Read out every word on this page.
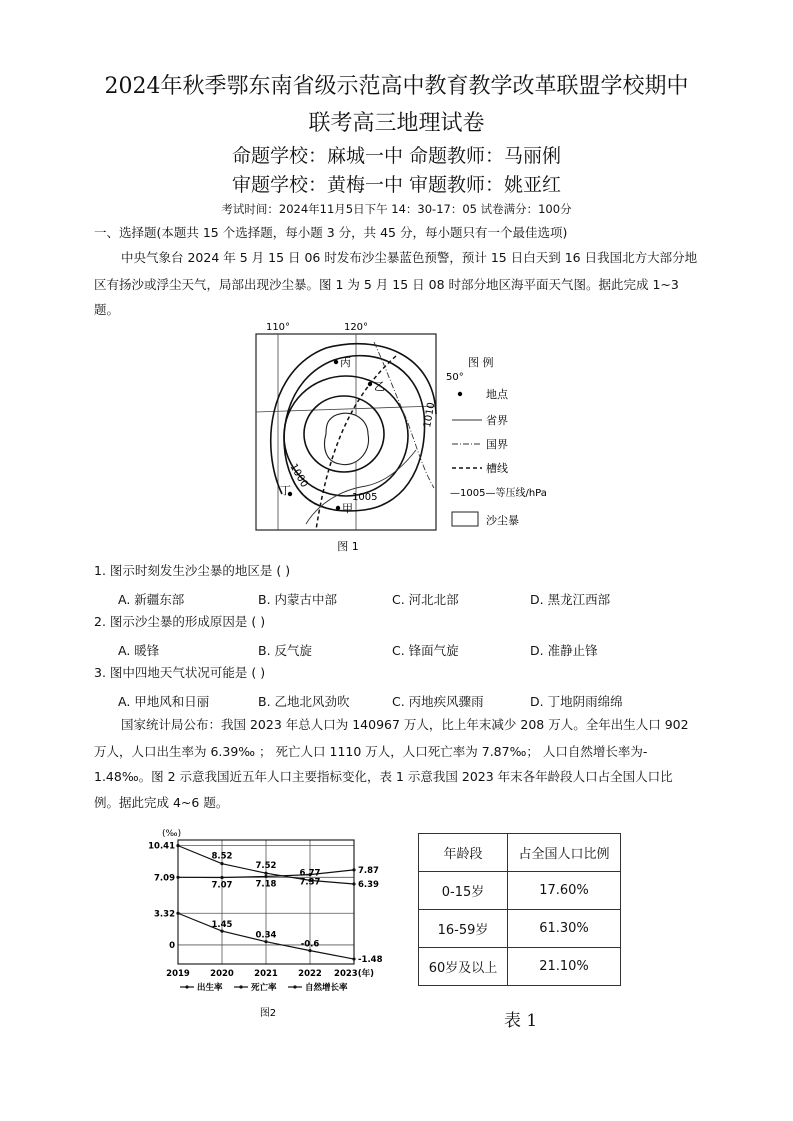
2024年秋季鄂东南省级示范高中教育教学改革联盟学校期中
联考高三地理试卷
命题学校：麻城一中 命题教师：马丽俐
审题学校：黄梅一中 审题教师：姚亚红
考试时间：2024年11月5日下午 14：30-17：05 试卷满分：100分
一、选择题(本题共 15 个选择题，每小题 3 分，共 45 分，每小题只有一个最佳选项)
中央气象台 2024 年 5 月 15 日 06 时发布沙尘暴蓝色预警，预计 15 日白天到 16 日我国北方大部分地
区有扬沙或浮尘天气，局部出现沙尘暴。图 1 为 5 月 15 日 08 时部分地区海平面天气图。据此完成 1~3
题。
110°	120°
50°
1010
1000
1005
丙
乙
甲
丁
图 例
地点
省界
国界
槽线
—1005—等压线/hPa
沙尘暴
图 1
1. 图示时刻发生沙尘暴的地区是 ( )
A. 新疆东部	B. 内蒙古中部	C. 河北北部	D. 黑龙江西部
2. 图示沙尘暴的形成原因是 ( )
A. 暖锋	B. 反气旋	C. 锋面气旋	D. 准静止锋
3. 图中四地天气状况可能是 ( )
A. 甲地风和日丽	B. 乙地北风劲吹	C. 丙地疾风骤雨	D. 丁地阴雨绵绵
国家统计局公布：我国 2023 年总人口为 140967 万人，比上年末减少 208 万人。全年出生人口 902
万人，人口出生率为 6.39‰ ； 死亡人口 1110 万人，人口死亡率为 7.87‰； 人口自然增长率为-
1.48‰。图 2 示意我国近五年人口主要指标变化，表 1 示意我国 2023 年末各年龄段人口占全国人口比
例。据此完成 4~6 题。
8.52
7.52
6.77
6.39
7.07	7.18	7.37
7.87
1.45
0.34
-0.6
-1.48
2019 2020 2021 2022 2023(年)
10.41
7.09
3.32
0
(‰)
出生率	死亡率	自然增长率
图2
年龄段	占全国人口比例
0-15岁	17.60%
16-59岁	61.30%
60岁及以上	21.10%
表 1
